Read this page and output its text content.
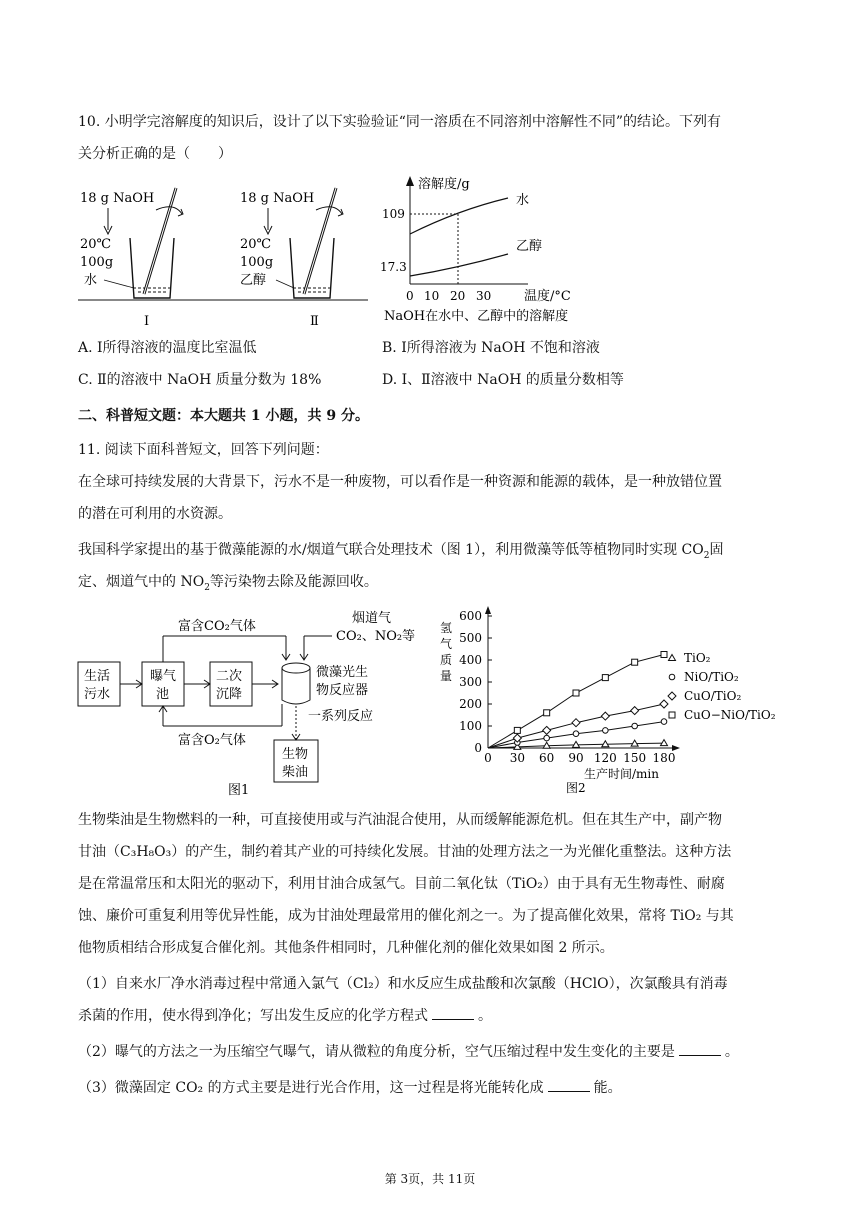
10. 小明学完溶解度的知识后，设计了以下实验验证“同一溶质在不同溶剂中溶解性不同”的结论。下列有
关分析正确的是（　　）
18 g NaOH
20℃
100g
水
Ⅰ
18 g NaOH
20℃
100g
乙醇
Ⅱ
溶解度/g
109
17.3
水
乙醇
0 10 20 30	温度/°C
NaOH在水中、乙醇中的溶解度
A. Ⅰ所得溶液的温度比室温低	B. Ⅰ所得溶液为 NaOH 不饱和溶液
C. Ⅱ的溶液中 NaOH 质量分数为 18%	D. Ⅰ、Ⅱ溶液中 NaOH 的质量分数相等
二、科普短文题：本大题共 1 小题，共 9 分。
11. 阅读下面科普短文，回答下列问题：
在全球可持续发展的大背景下，污水不是一种废物，可以看作是一种资源和能源的载体，是一种放错位置
的潜在可利用的水资源。
我国科学家提出的基于微藻能源的水/烟道气联合处理技术（图 1），利用微藻等低等植物同时实现 $CO_2$固
定、烟道气中的 $NO_2$等污染物去除及能源回收。
生活
污水
曝气
池
二次
沉降
微藻光生
物反应器
富含CO₂气体
烟道气
CO₂、NO₂等
富含O₂气体
一系列反应
生物
柴油
图1
氢
气
质
量
生产时间/min
图2
0
100
200
300
400
500
600
0 30 60 90 120 150 180
TiO₂
NiO/TiO₂
CuO/TiO₂
CuO−NiO/TiO₂
生物柴油是生物燃料的一种，可直接使用或与汽油混合使用，从而缓解能源危机。但在其生产中，副产物
甘油（C₃H₈O₃）的产生，制约着其产业的可持续化发展。甘油的处理方法之一为光催化重整法。这种方法
是在常温常压和太阳光的驱动下，利用甘油合成氢气。目前二氧化钛（TiO₂）由于具有无生物毒性、耐腐
蚀、廉价可重复利用等优异性能，成为甘油处理最常用的催化剂之一。为了提高催化效果，常将 TiO₂ 与其
他物质相结合形成复合催化剂。其他条件相同时，几种催化剂的催化效果如图 2 所示。
（1）自来水厂净水消毒过程中常通入氯气（Cl₂）和水反应生成盐酸和次氯酸（HClO），次氯酸具有消毒
杀菌的作用，使水得到净化；写出发生反应的化学方程式	。
（2）曝气的方法之一为压缩空气曝气，请从微粒的角度分析，空气压缩过程中发生变化的主要是	。
（3）微藻固定 CO₂ 的方式主要是进行光合作用，这一过程是将光能转化成	能。
第 3页，共 11页
